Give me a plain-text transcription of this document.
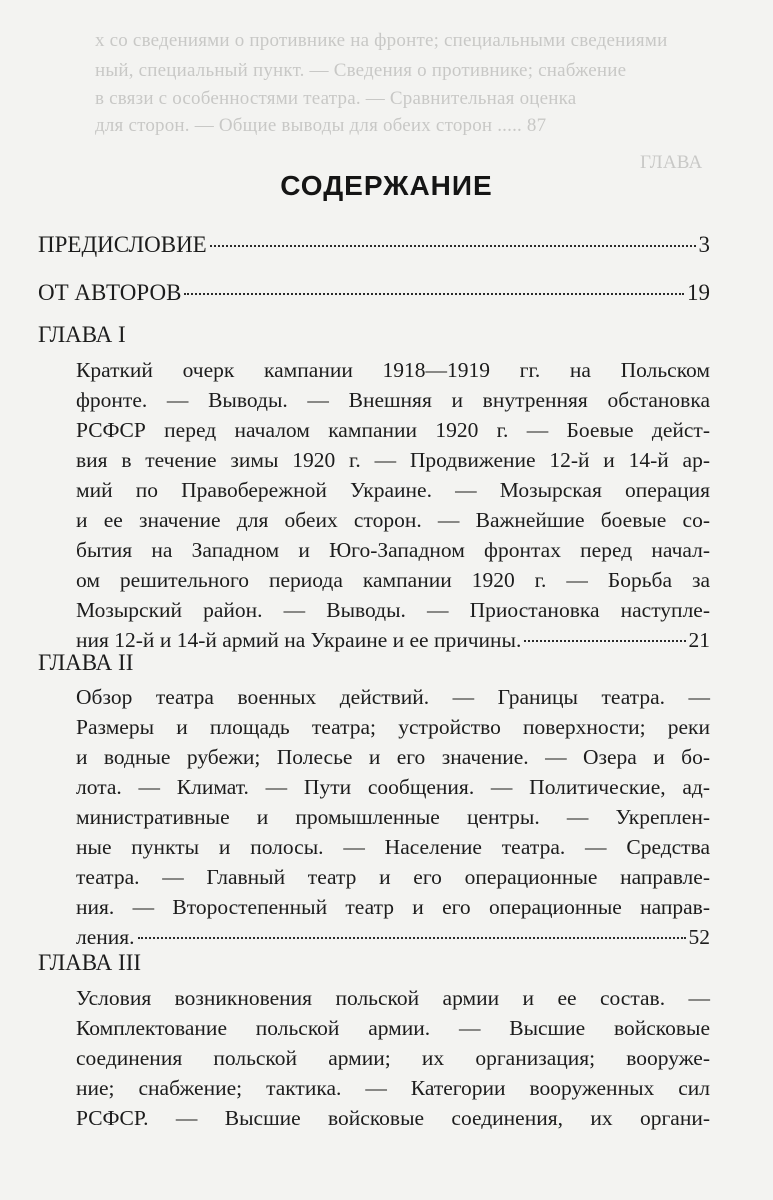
х со сведениями о противнике на фронте; специальными сведениями
ный, специальный пункт. — Сведения о противнике; снабжение
в связи с особенностями театра. — Сравнительная оценка
для сторон. — Общие выводы для обеих сторон ..... 87
ГЛАВА
СОДЕРЖАНИЕ
ПРЕДИСЛОВИЕ	3
ОТ АВТОРОВ	19
ГЛАВА I
Краткий очерк кампании 1918—1919 гг. на Польском
фронте. — Выводы. — Внешняя и внутренняя обстановка
РСФСР перед началом кампании 1920 г. — Боевые дейст-
вия в течение зимы 1920 г. — Продвижение 12-й и 14-й ар-
мий по Правобережной Украине. — Мозырская операция
и ее значение для обеих сторон. — Важнейшие боевые со-
бытия на Западном и Юго-Западном фронтах перед начал-
ом решительного периода кампании 1920 г. — Борьба за
Мозырский район. — Выводы. — Приостановка наступле-
ния 12-й и 14-й армий на Украине и ее причины.	21
ГЛАВА II
Обзор театра военных действий. — Границы театра. —
Размеры и площадь театра; устройство поверхности; реки
и водные рубежи; Полесье и его значение. — Озера и бо-
лота. — Климат. — Пути сообщения. — Политические, ад-
министративные и промышленные центры. — Укреплен-
ные пункты и полосы. — Население театра. — Средства
театра. — Главный театр и его операционные направле-
ния. — Второстепенный театр и его операционные направ-
ления.	52
ГЛАВА III
Условия возникновения польской армии и ее состав. —
Комплектование польской армии. — Высшие войсковые
соединения польской армии; их организация; вооруже-
ние; снабжение; тактика. — Категории вооруженных сил
РСФСР. — Высшие войсковые соединения, их органи-
